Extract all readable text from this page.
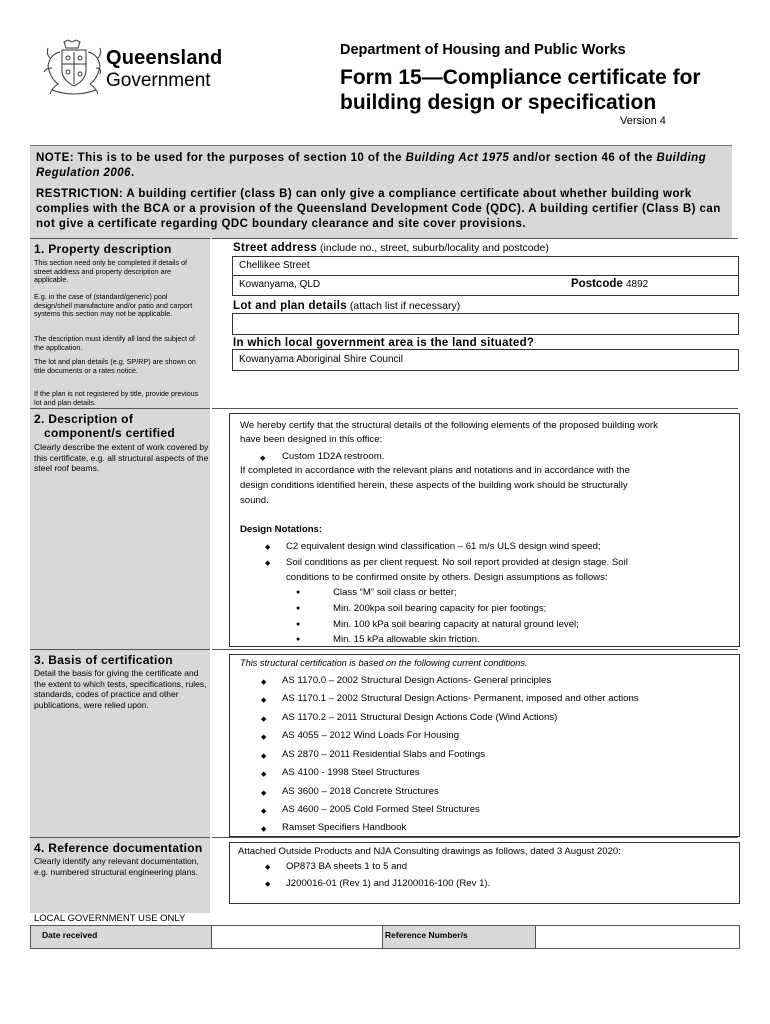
Queensland
Government
Department of Housing and Public Works
Form 15—Compliance certificate for building design or specification
Version 4

NOTE: This is to be used for the purposes of section 10 of the Building Act 1975 and/or section 46 of the Building Regulation 2006.

RESTRICTION: A building certifier (class B) can only give a compliance certificate about whether building work complies with the BCA or a provision of the Queensland Development Code (QDC). A building certifier (Class B) can not give a certificate regarding QDC boundary clearance and site cover provisions.

1. Property description
This section need only be completed if details of street address and property description are applicable.
E.g. in the case of (standard/generic) pool design/shell manufacture and/or patio and carport systems this section may not be applicable.
The description must identify all land the subject of the application.
The lot and plan details (e.g. SP/RP) are shown on title documents or a rates notice.
If the plan is not registered by title, provide previous lot and plan details.
Street address (include no., street, suburb/locality and postcode)
Chellikee Street
Kowanyama, QLD	Postcode 4892
Lot and plan details (attach list if necessary)
In which local government area is the land situated?
Kowanyama Aboriginal Shire Council
2. Description of
component/s certified
Clearly describe the extent of work covered by this certificate, e.g. all structural aspects of the steel roof beams.
We hereby certify that the structural details of the following elements of the proposed building work
have been designed in this office:
◆ Custom 1D2A restroom.
If completed in accordance with the relevant plans and notations and in accordance with the
design conditions identified herein, these aspects of the building work should be structurally
sound.
Design Notations:
◆ C2 equivalent design wind classification – 61 m/s ULS design wind speed;
◆ Soil conditions as per client request. No soil report provided at design stage. Soil
conditions to be confirmed onsite by others. Design assumptions as follows:
●	Class “M” soil class or better;
●	Min. 200kpa soil bearing capacity for pier footings;
●	Min. 100 kPa soil bearing capacity at natural ground level;
●	Min. 15 kPa allowable skin friction.
3. Basis of certification
Detail the basis for giving the certificate and the extent to which tests, specifications, rules, standards, codes of practice and other publications, were relied upon.
This structural certification is based on the following current conditions.
◆ AS 1170.0 – 2002 Structural Design Actions- General principles
◆ AS 1170.1 – 2002 Structural Design Actions- Permanent, imposed and other actions
◆ AS 1170.2 – 2011 Structural Design Actions Code (Wind Actions)
◆ AS 4055 – 2012 Wind Loads For Housing
◆ AS 2870 – 2011 Residential Slabs and Footings
◆ AS 4100 - 1998 Steel Structures
◆ AS 3600 – 2018 Concrete Structures
◆ AS 4600 – 2005 Cold Formed Steel Structures
◆ Ramset Specifiers Handbook
4. Reference documentation
Clearly identify any relevant documentation, e.g. numbered structural engineering plans.
Attached Outside Products and NJA Consulting drawings as follows, dated 3 August 2020:
◆ OP873 BA sheets 1 to 5 and
◆ J200016-01 (Rev 1) and J1200016-100 (Rev 1).
LOCAL GOVERNMENT USE ONLY
Date received	Reference Number/s
